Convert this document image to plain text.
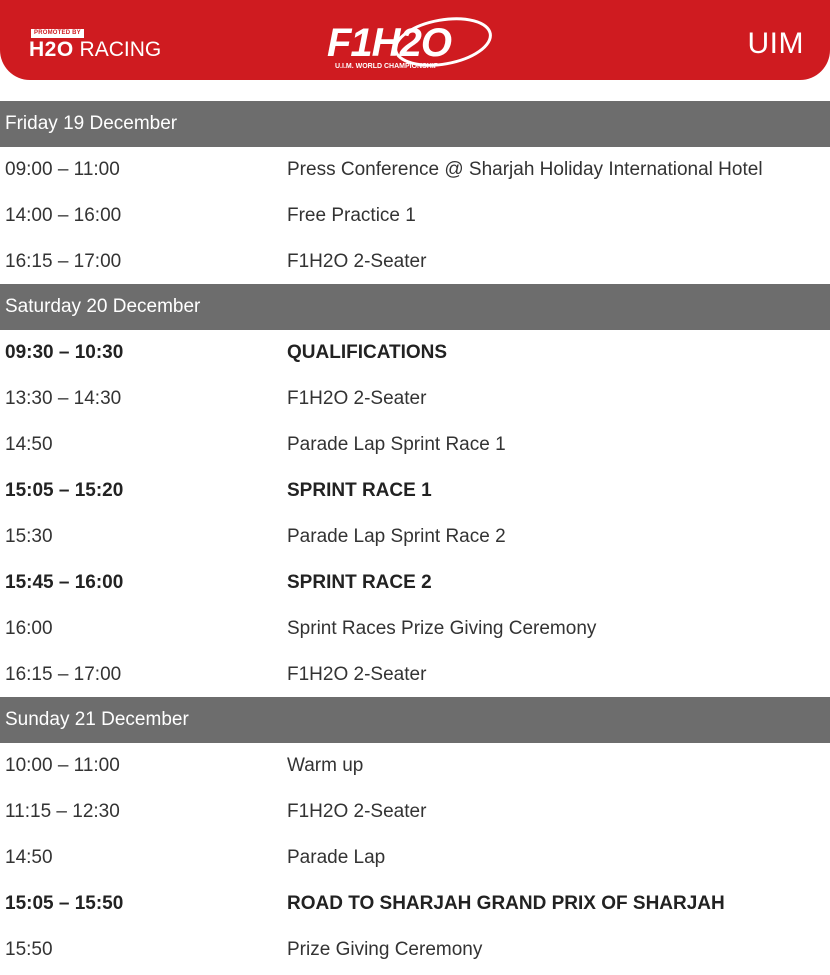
PROMOTED BY
H2O RACING	F1H2O
U.I.M. WORLD CHAMPIONSHIP
UIM
Friday 19 December
09:00 – 11:00	Press Conference @ Sharjah Holiday International Hotel
14:00 – 16:00	Free Practice 1
16:15 – 17:00	F1H2O 2-Seater
Saturday 20 December
09:30 – 10:30	QUALIFICATIONS
13:30 – 14:30	F1H2O 2-Seater
14:50	Parade Lap Sprint Race 1
15:05 – 15:20	SPRINT RACE 1
15:30	Parade Lap Sprint Race 2
15:45 – 16:00	SPRINT RACE 2
16:00	Sprint Races Prize Giving Ceremony
16:15 – 17:00	F1H2O 2-Seater
Sunday 21 December
10:00 – 11:00	Warm up
11:15 – 12:30	F1H2O 2-Seater
14:50	Parade Lap
15:05 – 15:50	ROAD TO SHARJAH GRAND PRIX OF SHARJAH
15:50	Prize Giving Ceremony
